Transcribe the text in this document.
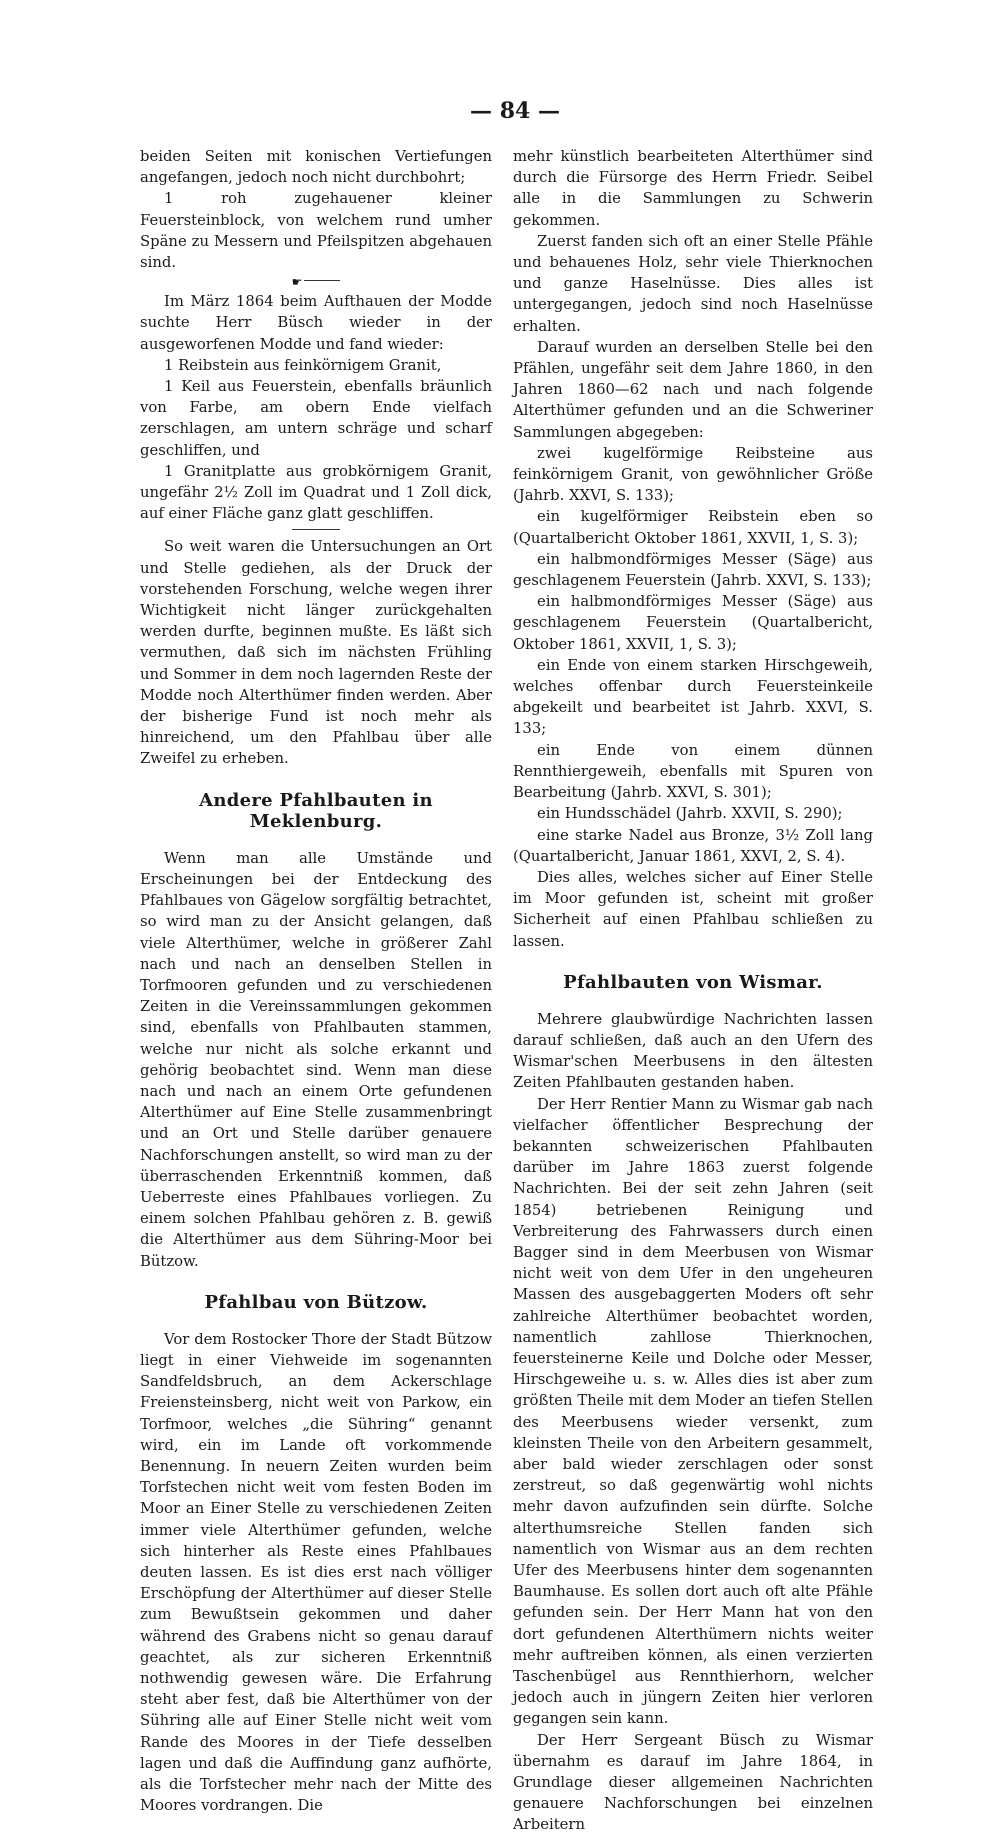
— 84 —

beiden Seiten mit konischen Vertiefungen angefangen, jedoch noch nicht durchbohrt;

1 roh zugehauener kleiner Feuersteinblock, von welchem rund umher Späne zu Messern und Pfeilspitzen abgehauen sind.

☛

Im März 1864 beim Aufthauen der Modde suchte Herr Büsch wieder in der ausgeworfenen Modde und fand wieder:

1 Reibstein aus feinkörnigem Granit,

1 Keil aus Feuerstein, ebenfalls bräunlich von Farbe, am obern Ende vielfach zerschlagen, am untern schräge und scharf geschliffen, und

1 Granitplatte aus grobkörnigem Granit, ungefähr 2½ Zoll im Quadrat und 1 Zoll dick, auf einer Fläche ganz glatt geschliffen.

So weit waren die Untersuchungen an Ort und Stelle gediehen, als der Druck der vorstehenden Forschung, welche wegen ihrer Wichtigkeit nicht länger zurückgehalten werden durfte, beginnen mußte. Es läßt sich vermuthen, daß sich im nächsten Frühling und Sommer in dem noch lagernden Reste der Modde noch Alterthümer finden werden. Aber der bisherige Fund ist noch mehr als hinreichend, um den Pfahlbau über alle Zweifel zu erheben.

Andere Pfahlbauten in Meklenburg.

Wenn man alle Umstände und Erscheinungen bei der Entdeckung des Pfahlbaues von Gägelow sorgfältig betrachtet, so wird man zu der Ansicht gelangen, daß viele Alterthümer, welche in größerer Zahl nach und nach an denselben Stellen in Torfmooren gefunden und zu verschiedenen Zeiten in die Vereinssammlungen gekommen sind, ebenfalls von Pfahlbauten stammen, welche nur nicht als solche erkannt und gehörig beobachtet sind. Wenn man diese nach und nach an einem Orte gefundenen Alterthümer auf Eine Stelle zusammenbringt und an Ort und Stelle darüber genauere Nachforschungen anstellt, so wird man zu der überraschenden Erkenntniß kommen, daß Ueberreste eines Pfahlbaues vorliegen. Zu einem solchen Pfahlbau gehören z. B. gewiß die Alterthümer aus dem Sühring-Moor bei Bützow.

Pfahlbau von Bützow.

Vor dem Rostocker Thore der Stadt Bützow liegt in einer Viehweide im sogenannten Sandfeldsbruch, an dem Ackerschlage Freiensteinsberg, nicht weit von Parkow, ein Torfmoor, welches „die Sühring“ genannt wird, ein im Lande oft vorkommende Benennung. In neuern Zeiten wurden beim Torfstechen nicht weit vom festen Boden im Moor an Einer Stelle zu verschiedenen Zeiten immer viele Alterthümer gefunden, welche sich hinterher als Reste eines Pfahlbaues deuten lassen. Es ist dies erst nach völliger Erschöpfung der Alterthümer auf dieser Stelle zum Bewußtsein gekommen und daher während des Grabens nicht so genau darauf geachtet, als zur sicheren Erkenntniß nothwendig gewesen wäre. Die Erfahrung steht aber fest, daß bie Alterthümer von der Sühring alle auf Einer Stelle nicht weit vom Rande des Moores in der Tiefe desselben lagen und daß die Auffindung ganz aufhörte, als die Torfstecher mehr nach der Mitte des Moores vordrangen. Die

mehr künstlich bearbeiteten Alterthümer sind durch die Fürsorge des Herrn Friedr. Seibel alle in die Sammlungen zu Schwerin gekommen.

Zuerst fanden sich oft an einer Stelle Pfähle und behauenes Holz, sehr viele Thierknochen und ganze Haselnüsse. Dies alles ist untergegangen, jedoch sind noch Haselnüsse erhalten.

Darauf wurden an derselben Stelle bei den Pfählen, ungefähr seit dem Jahre 1860, in den Jahren 1860—62 nach und nach folgende Alterthümer gefunden und an die Schweriner Sammlungen abgegeben:

zwei kugelförmige Reibsteine aus feinkörnigem Granit, von gewöhnlicher Größe (Jahrb. XXVI, S. 133);

ein kugelförmiger Reibstein eben so (Quartalbericht Oktober 1861, XXVII, 1, S. 3);

ein halbmondförmiges Messer (Säge) aus geschlagenem Feuerstein (Jahrb. XXVI, S. 133);

ein halbmondförmiges Messer (Säge) aus geschlagenem Feuerstein (Quartalbericht, Oktober 1861, XXVII, 1, S. 3);

ein Ende von einem starken Hirschgeweih, welches offenbar durch Feuersteinkeile abgekeilt und bearbeitet ist Jahrb. XXVI, S. 133;

ein Ende von einem dünnen Rennthiergeweih, ebenfalls mit Spuren von Bearbeitung (Jahrb. XXVI, S. 301);

ein Hundsschädel (Jahrb. XXVII, S. 290);

eine starke Nadel aus Bronze, 3½ Zoll lang (Quartalbericht, Januar 1861, XXVI, 2, S. 4).

Dies alles, welches sicher auf Einer Stelle im Moor gefunden ist, scheint mit großer Sicherheit auf einen Pfahlbau schließen zu lassen.

Pfahlbauten von Wismar.

Mehrere glaubwürdige Nachrichten lassen darauf schließen, daß auch an den Ufern des Wismar'schen Meerbusens in den ältesten Zeiten Pfahlbauten gestanden haben.

Der Herr Rentier Mann zu Wismar gab nach vielfacher öffentlicher Besprechung der bekannten schweizerischen Pfahlbauten darüber im Jahre 1863 zuerst folgende Nachrichten. Bei der seit zehn Jahren (seit 1854) betriebenen Reinigung und Verbreiterung des Fahrwassers durch einen Bagger sind in dem Meerbusen von Wismar nicht weit von dem Ufer in den ungeheuren Massen des ausgebaggerten Moders oft sehr zahlreiche Alterthümer beobachtet worden, namentlich zahllose Thierknochen, feuersteinerne Keile und Dolche oder Messer, Hirschgeweihe u. s. w. Alles dies ist aber zum größten Theile mit dem Moder an tiefen Stellen des Meerbusens wieder versenkt, zum kleinsten Theile von den Arbeitern gesammelt, aber bald wieder zerschlagen oder sonst zerstreut, so daß gegenwärtig wohl nichts mehr davon aufzufinden sein dürfte. Solche alterthumsreiche Stellen fanden sich namentlich von Wismar aus an dem rechten Ufer des Meerbusens hinter dem sogenannten Baumhause. Es sollen dort auch oft alte Pfähle gefunden sein. Der Herr Mann hat von den dort gefundenen Alterthümern nichts weiter mehr auftreiben können, als einen verzierten Taschenbügel aus Rennthierhorn, welcher jedoch auch in jüngern Zeiten hier verloren gegangen sein kann.

Der Herr Sergeant Büsch zu Wismar übernahm es darauf im Jahre 1864, in Grundlage dieser allgemeinen Nachrichten genauere Nachforschungen bei einzelnen Arbeitern
